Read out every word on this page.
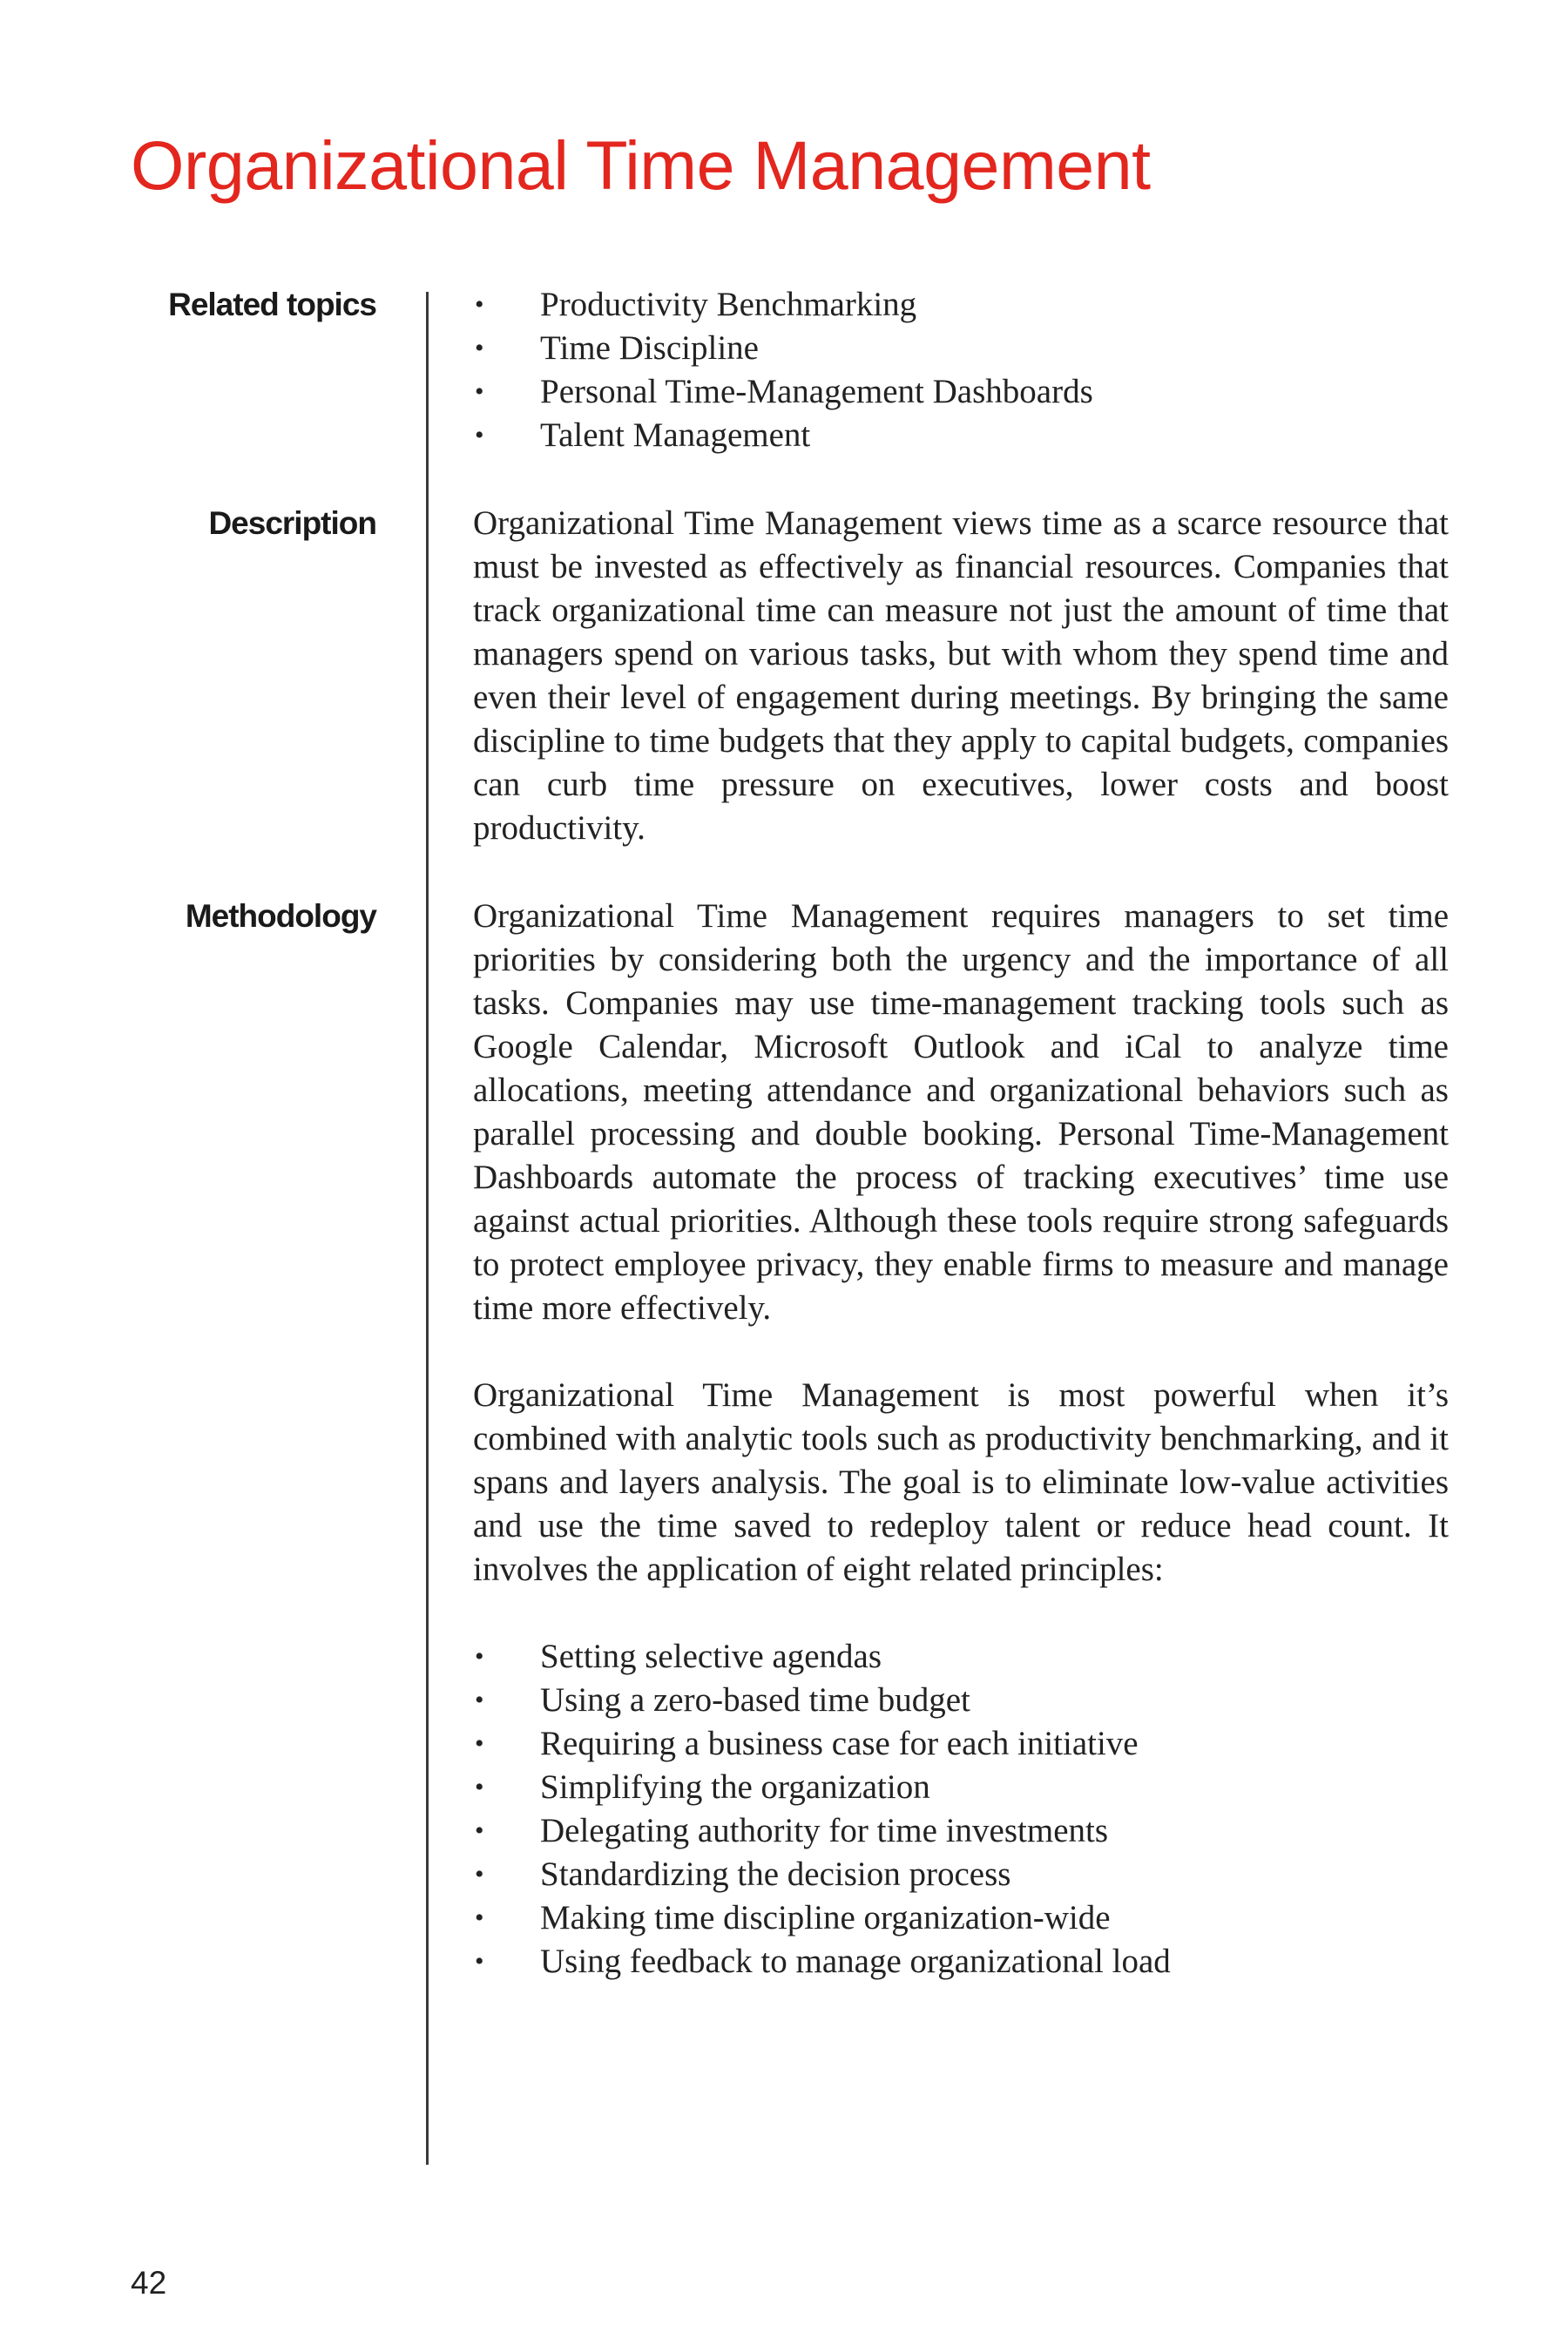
Organizational Time Management
Related topics	• Productivity Benchmarking
• Time Discipline
• Personal Time-Management Dashboards
• Talent Management
Description	Organizational Time Management views time as a scarce resource that must be invested as effectively as financial resources. Companies that track organizational time can measure not just the amount of time that managers spend on various tasks, but with whom they spend time and even their level of engagement during meetings. By bringing the same discipline to time budgets that they apply to capital budgets, companies can curb time pressure on executives, lower costs and boost productivity.

Methodology	Organizational Time Management requires managers to set time priorities by considering both the urgency and the importance of all tasks. Companies may use time-management tracking tools such as Google Calendar, Microsoft Outlook and iCal to analyze time allocations, meeting attendance and organizational behaviors such as parallel processing and double booking. Personal Time-Management Dashboards automate the process of tracking executives’ time use against actual priorities. Although these tools require strong safeguards to protect employee privacy, they enable firms to measure and manage time more effectively.

Organizational Time Management is most powerful when it’s combined with analytic tools such as productivity benchmarking, and it spans and layers analysis. The goal is to eliminate low-value activities and use the time saved to redeploy talent or reduce head count. It involves the application of eight related principles:

• Setting selective agendas
• Using a zero-based time budget
• Requiring a business case for each initiative
• Simplifying the organization
• Delegating authority for time investments
• Standardizing the decision process
• Making time discipline organization-wide
• Using feedback to manage organizational load
42
